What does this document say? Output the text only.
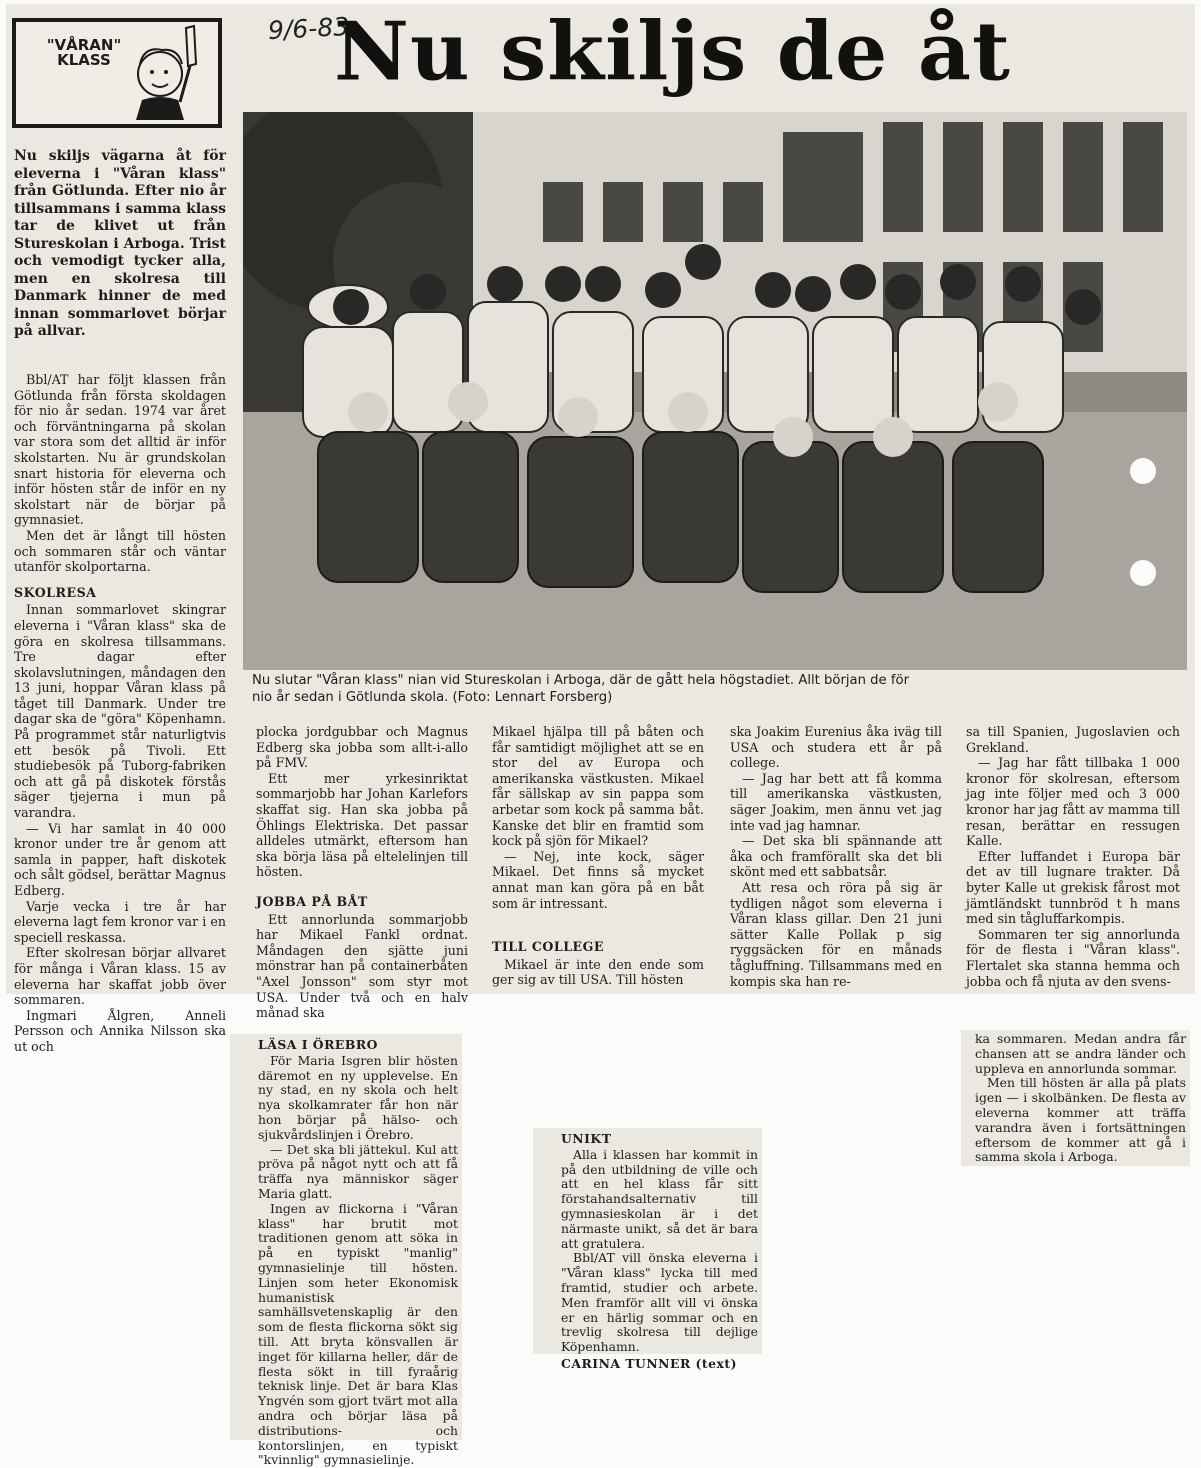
"VÅRAN" KLASS
9/6-83
Nu skiljs de åt
Nu skiljs vägarna åt för eleverna i "Våran klass" från Götlunda. Efter nio år tillsammans i samma klass tar de klivet ut från Stureskolan i Arboga. Trist och vemodigt tycker alla, men en skolresa till Danmark hinner de med innan sommarlovet börjar på allvar.

Bbl/AT har följt klassen från Götlunda från första skoldagen för nio år sedan. 1974 var året och förväntningarna på skolan var stora som det alltid är inför skolstarten. Nu är grundskolan snart historia för eleverna och inför hösten står de inför en ny skolstart när de börjar på gymnasiet.

Men det är långt till hösten och sommaren står och väntar utanför skolportarna.

SKOLRESA

Innan sommarlovet skingrar eleverna i "Våran klass" ska de göra en skolresa tillsammans. Tre dagar efter skolavslutningen, måndagen den 13 juni, hoppar Våran klass på tåget till Danmark. Under tre dagar ska de "göra" Köpenhamn. På programmet står naturligtvis ett besök på Tivoli. Ett studiebesök på Tuborg-fabriken och att gå på diskotek förstås säger tjejerna i mun på varandra.

— Vi har samlat in 40 000 kronor under tre år genom att samla in papper, haft diskotek och sålt gödsel, berättar Magnus Edberg.

Varje vecka i tre år har eleverna lagt fem kronor var i en speciell reskassa.

Efter skolresan börjar allvaret för många i Våran klass. 15 av eleverna har skaffat jobb över sommaren.

Ingmari Ålgren, Anneli Persson och Annika Nilsson ska ut och

Nu slutar "Våran klass" nian vid Stureskolan i Arboga, där de gått hela högstadiet. Allt början de för nio år sedan i Götlunda skola. (Foto: Lennart Forsberg)

plocka jordgubbar och Magnus Edberg ska jobba som allt-i-allo på FMV.

Ett mer yrkesinriktat sommarjobb har Johan Karlefors skaffat sig. Han ska jobba på Öhlings Elektriska. Det passar alldeles utmärkt, eftersom han ska börja läsa på eltelelinjen till hösten.

JOBBA PÅ BÅT

Ett annorlunda sommarjobb har Mikael Fankl ordnat. Måndagen den sjätte juni mönstrar han på containerbåten "Axel Jonsson" som styr mot USA. Under två och en halv månad ska

Mikael hjälpa till på båten och får samtidigt möjlighet att se en stor del av Europa och amerikanska västkusten. Mikael får sällskap av sin pappa som arbetar som kock på samma båt. Kanske det blir en framtid som kock på sjön för Mikael?

— Nej, inte kock, säger Mikael. Det finns så mycket annat man kan göra på en båt som är intressant.

TILL COLLEGE

Mikael är inte den ende som ger sig av till USA. Till hösten

ska Joakim Eurenius åka iväg till USA och studera ett år på college.

— Jag har bett att få komma till amerikanska västkusten, säger Joakim, men ännu vet jag inte vad jag hamnar.

— Det ska bli spännande att åka och framförallt ska det bli skönt med ett sabbatsår.

Att resa och röra på sig är tydligen något som eleverna i Våran klass gillar. Den 21 juni sätter Kalle Pollak p sig ryggsäcken för en månads tågluffning. Tillsammans med en kompis ska han re-

sa till Spanien, Jugoslavien och Grekland.

— Jag har fått tillbaka 1 000 kronor för skolresan, eftersom jag inte följer med och 3 000 kronor har jag fått av mamma till resan, berättar en ressugen Kalle.

Efter luffandet i Europa bär det av till lugnare trakter. Då byter Kalle ut grekisk fårost mot jämtländskt tunnbröd t h mans med sin tågluffarkompis.

Sommaren ter sig annorlunda för de flesta i "Våran klass". Flertalet ska stanna hemma och jobba och få njuta av den svens-

LÄSA I ÖREBRO

För Maria Isgren blir hösten däremot en ny upplevelse. En ny stad, en ny skola och helt nya skolkamrater får hon när hon börjar på hälso- och sjukvårdslinjen i Örebro.

— Det ska bli jättekul. Kul att pröva på något nytt och att få träffa nya människor säger Maria glatt.

Ingen av flickorna i "Våran klass" har brutit mot traditionen genom att söka in på en typiskt "manlig" gymnasielinje till hösten. Linjen som heter Ekonomisk humanistisk samhällsvetenskaplig är den som de flesta flickorna sökt sig till. Att bryta könsvallen är inget för killarna heller, där de flesta sökt in till fyraårig teknisk linje. Det är bara Klas Yngvén som gjort tvärt mot alla andra och börjar läsa på distributions- och kontorslinjen, en typiskt "kvinnlig" gymnasielinje.

UNIKT

Alla i klassen har kommit in på den utbildning de ville och att en hel klass får sitt förstahandsalternativ till gymnasieskolan är i det närmaste unikt, så det är bara att gratulera.

Bbl/AT vill önska eleverna i "Våran klass" lycka till med framtid, studier och arbete. Men framför allt vill vi önska er en härlig sommar och en trevlig skolresa till dejlige Köpenhamn.

CARINA TUNNER (text)

ka sommaren. Medan andra får chansen att se andra länder och uppleva en annorlunda sommar.

Men till hösten är alla på plats igen — i skolbänken. De flesta av eleverna kommer att träffa varandra även i fortsättningen eftersom de kommer att gå i samma skola i Arboga.
